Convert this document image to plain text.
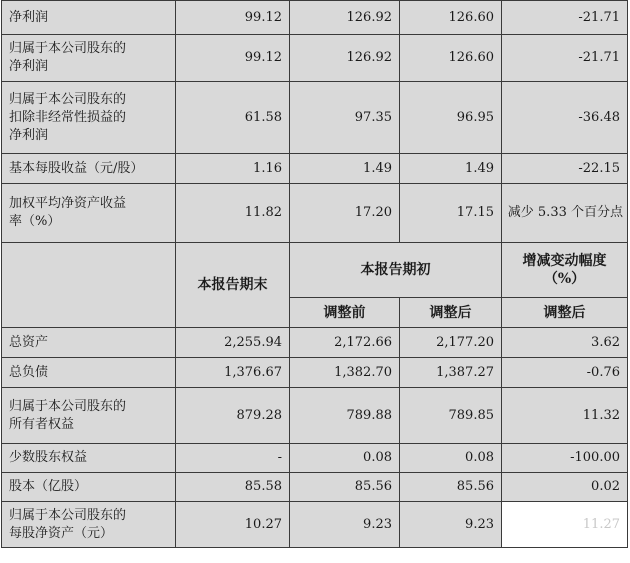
净利润	99.12	126.92	126.60	-21.71
归属于本公司股东的
净利润	99.12	126.92	126.60	-21.71
归属于本公司股东的
扣除非经常性损益的
净利润	61.58	97.35	96.95	-36.48
基本每股收益（元/股）	1.16	1.49	1.49	-22.15
加权平均净资产收益
率（%）	11.82	17.20	17.15	减少 5.33 个百分点
	本报告期末	本报告期初		增减变动幅度
（%）
		调整前	调整后	调整后
总资产	2,255.94	2,172.66	2,177.20	3.62
总负债	1,376.67	1,382.70	1,387.27	-0.76
归属于本公司股东的
所有者权益	879.28	789.88	789.85	11.32
少数股东权益	-	0.08	0.08	-100.00
股本（亿股）	85.58	85.56	85.56	0.02
归属于本公司股东的
每股净资产（元）	10.27	9.23	9.23	11.27
